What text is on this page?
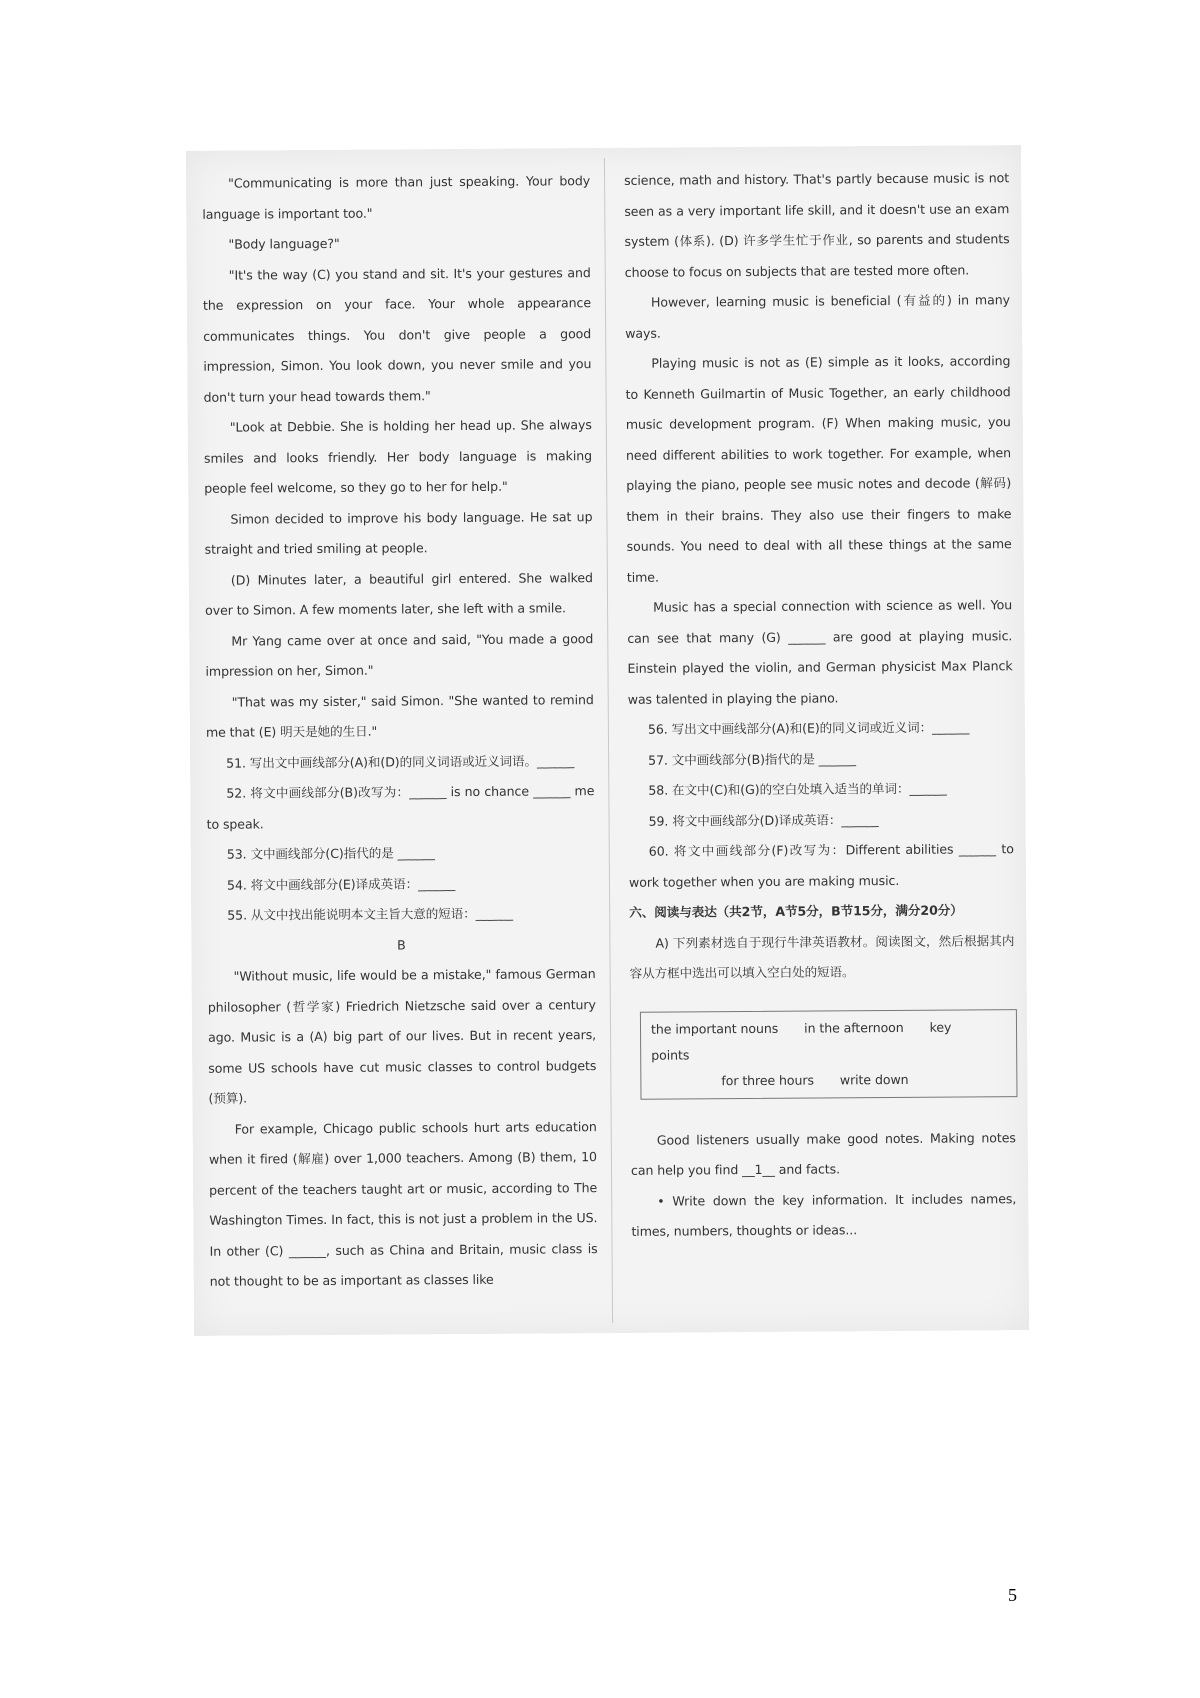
"Communicating is more than just speaking. Your body language is important too."

"Body language?"

"It's the way (C) you stand and sit. It's your gestures and the expression on your face. Your whole appearance communicates things. You don't give people a good impression, Simon. You look down, you never smile and you don't turn your head towards them."

"Look at Debbie. She is holding her head up. She always smiles and looks friendly. Her body language is making people feel welcome, so they go to her for help."

Simon decided to improve his body language. He sat up straight and tried smiling at people.

(D) Minutes later, a beautiful girl entered. She walked over to Simon. A few moments later, she left with a smile.

Mr Yang came over at once and said, "You made a good impression on her, Simon."

"That was my sister," said Simon. "She wanted to remind me that (E) 明天是她的生日."

51. 写出文中画线部分(A)和(D)的同义词语或近义词语。______

52. 将文中画线部分(B)改写为：______ is no chance ______ me to speak.

53. 文中画线部分(C)指代的是 ______

54. 将文中画线部分(E)译成英语：______

55. 从文中找出能说明本文主旨大意的短语：______

B

"Without music, life would be a mistake," famous German philosopher (哲学家) Friedrich Nietzsche said over a century ago. Music is a (A) big part of our lives. But in recent years, some US schools have cut music classes to control budgets (预算).

For example, Chicago public schools hurt arts education when it fired (解雇) over 1,000 teachers. Among (B) them, 10 percent of the teachers taught art or music, according to The Washington Times. In fact, this is not just a problem in the US. In other (C) ______, such as China and Britain, music class is not thought to be as important as classes like

science, math and history. That's partly because music is not seen as a very important life skill, and it doesn't use an exam system (体系). (D) 许多学生忙于作业, so parents and students choose to focus on subjects that are tested more often.

However, learning music is beneficial (有益的) in many ways.

Playing music is not as (E) simple as it looks, according to Kenneth Guilmartin of Music Together, an early childhood music development program. (F) When making music, you need different abilities to work together. For example, when playing the piano, people see music notes and decode (解码) them in their brains. They also use their fingers to make sounds. You need to deal with all these things at the same time.

Music has a special connection with science as well. You can see that many (G) ______ are good at playing music. Einstein played the violin, and German physicist Max Planck was talented in playing the piano.

56. 写出文中画线部分(A)和(E)的同义词或近义词：______

57. 文中画线部分(B)指代的是 ______

58. 在文中(C)和(G)的空白处填入适当的单词：______

59. 将文中画线部分(D)译成英语：______

60. 将文中画线部分(F)改写为：Different abilities ______ to work together when you are making music.

六、阅读与表达（共2节，A节5分，B节15分，满分20分）

A) 下列素材选自于现行牛津英语教材。阅读图文，然后根据其内容从方框中选出可以填入空白处的短语。

the important nouns in the afternoon key points
for three hours write down

Good listeners usually make good notes. Making notes can help you find __1__ and facts.

• Write down the key information. It includes names, times, numbers, thoughts or ideas...

5
